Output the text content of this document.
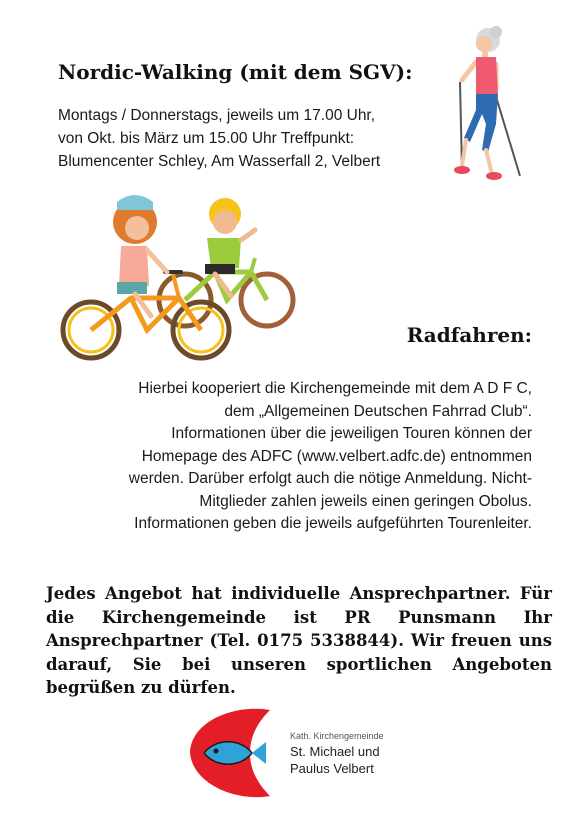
Nordic-Walking (mit dem SGV):
Montags / Donnerstags, jeweils um 17.00 Uhr,
von Okt. bis März um 15.00 Uhr Treffpunkt:
Blumencenter Schley, Am Wasserfall 2, Velbert
Radfahren:
Hierbei kooperiert die Kirchengemeinde mit dem A D F C,
dem „Allgemeinen Deutschen Fahrrad Club“.
Informationen über die jeweiligen Touren können der
Homepage des ADFC (www.velbert.adfc.de) entnommen
werden. Darüber erfolgt auch die nötige Anmeldung. Nicht-
Mitglieder zahlen jeweils einen geringen Obolus.
Informationen geben die jeweils aufgeführten Tourenleiter.
Jedes Angebot hat individuelle Ansprechpartner. Für
die Kirchengemeinde ist PR Punsmann Ihr
Ansprechpartner (Tel. 0175 5338844). Wir freuen uns
darauf, Sie bei unseren sportlichen Angeboten
begrüßen zu dürfen.
Kath. Kirchengemeinde
St. Michael und
Paulus Velbert
